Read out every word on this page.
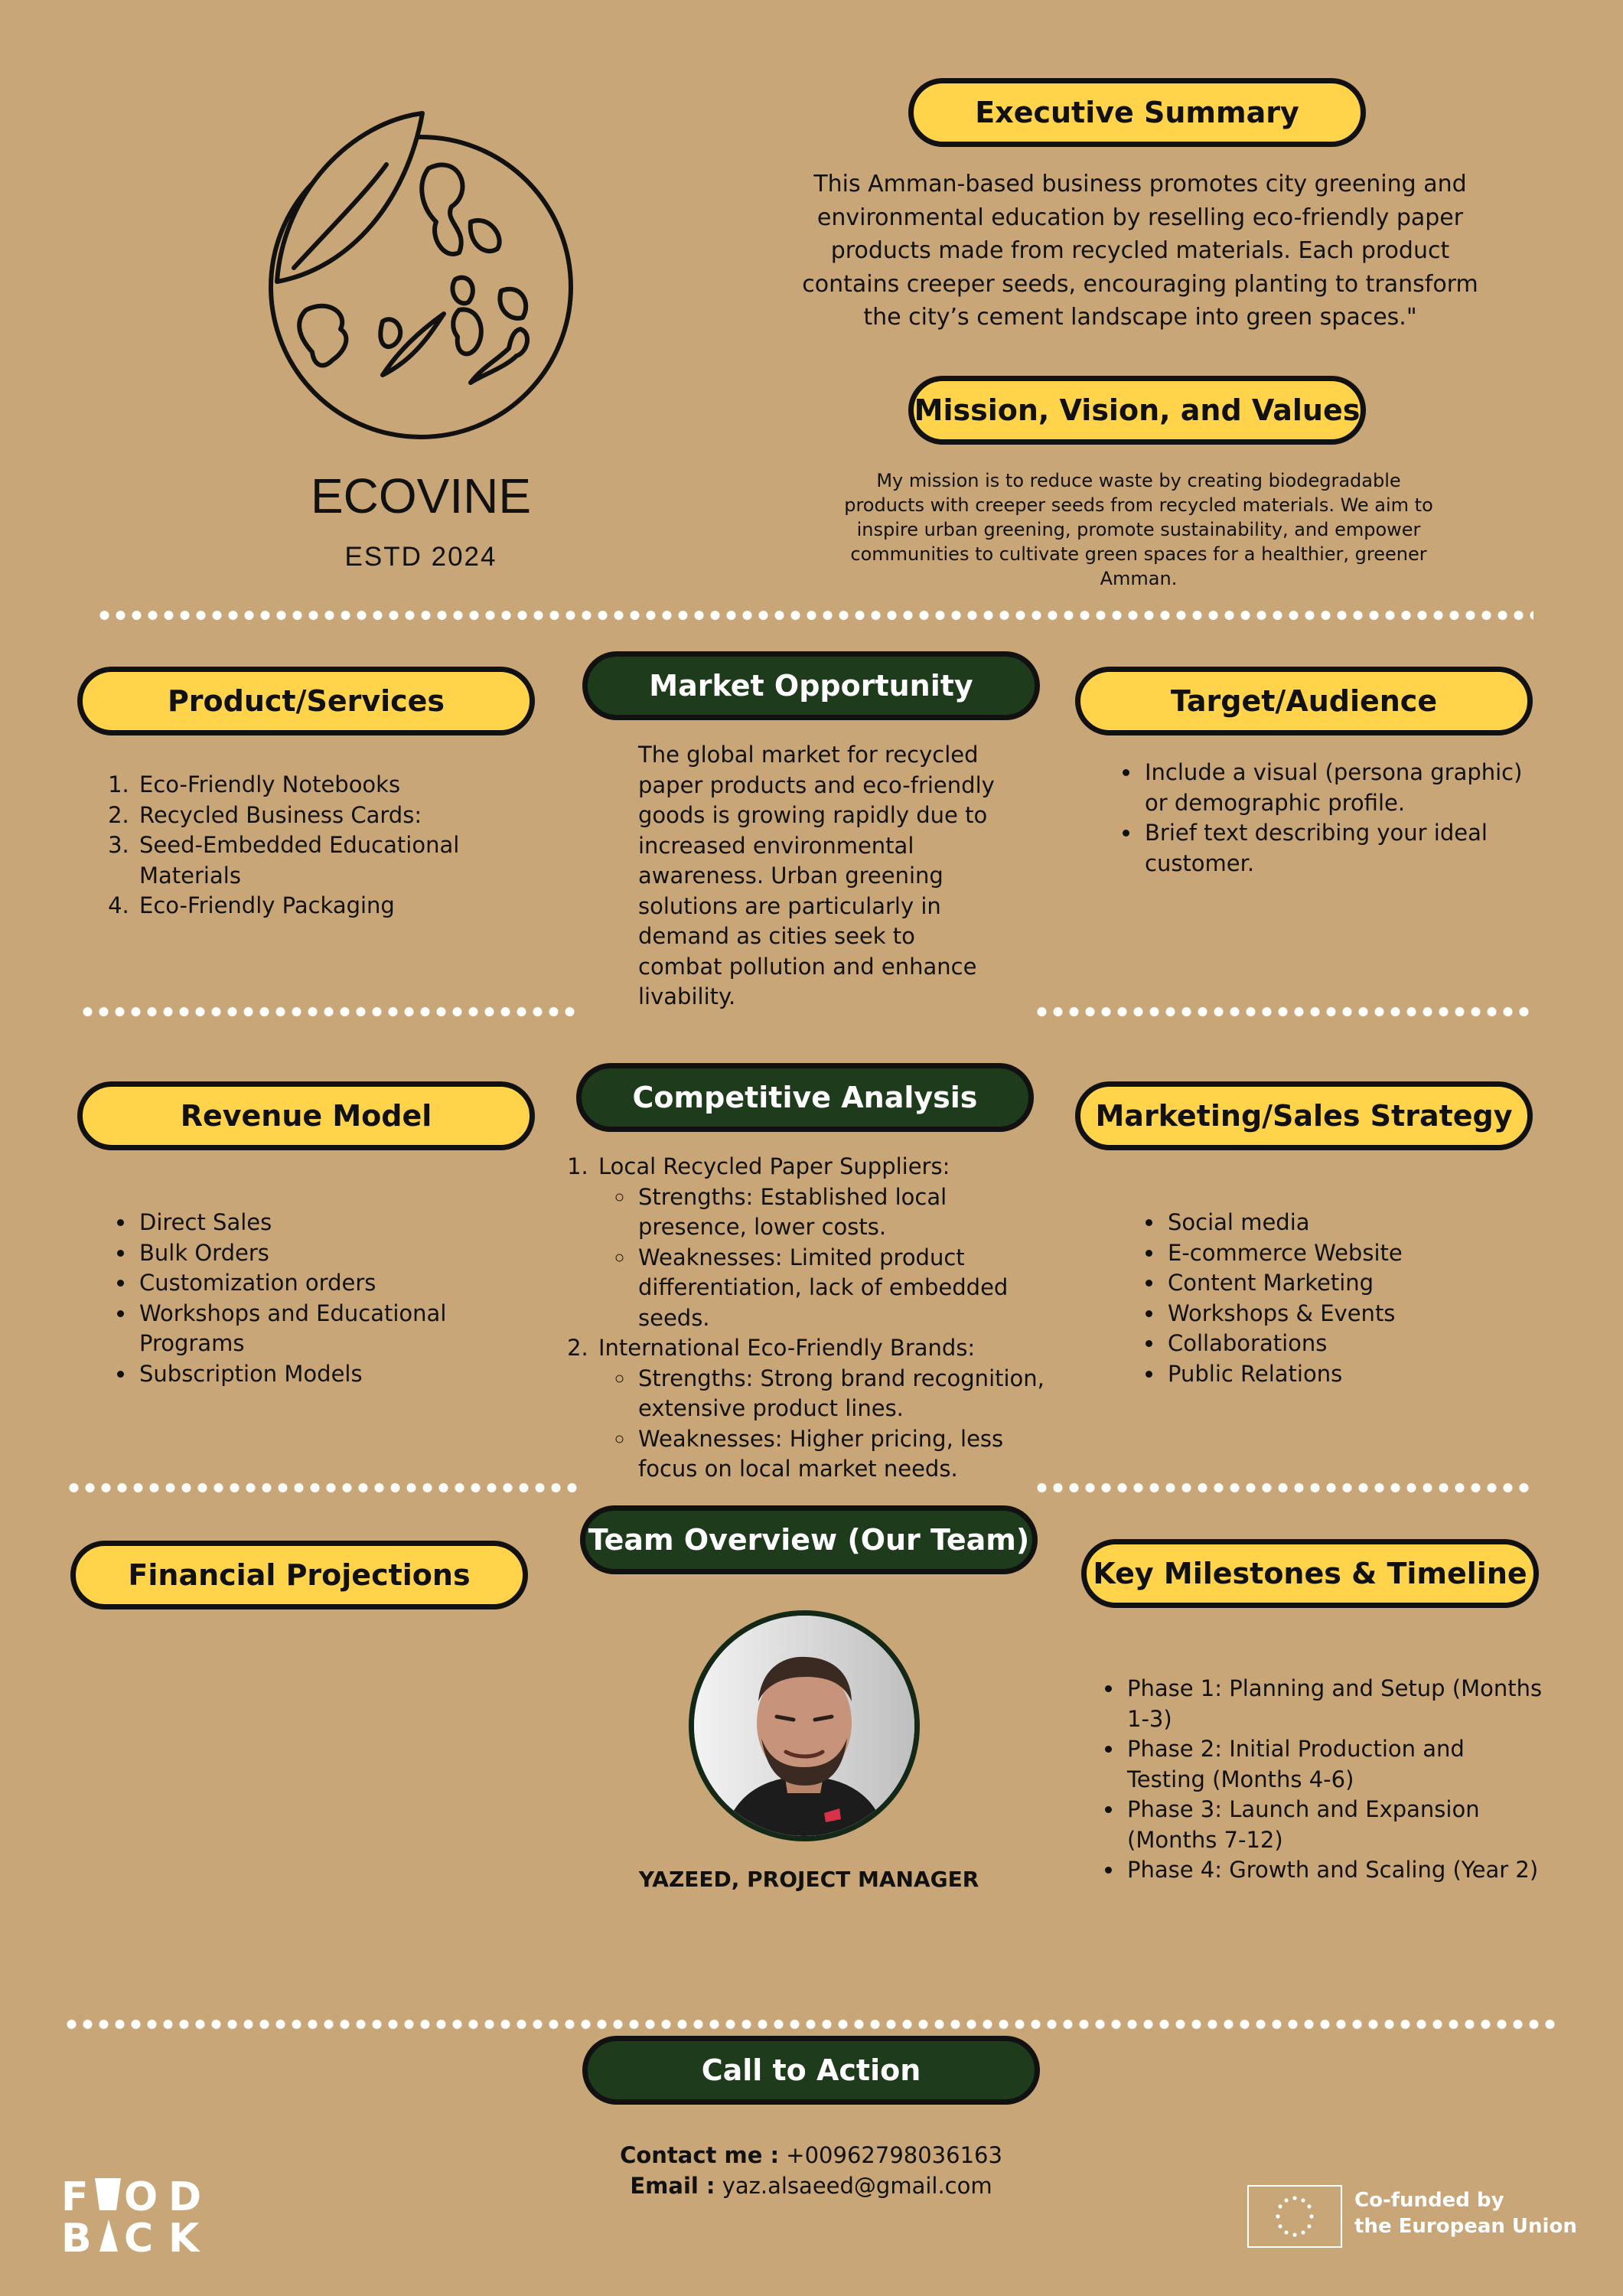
ECOVINE
ESTD 2024
Executive Summary
This Amman-based business promotes city greening and environmental education by reselling eco-friendly paper products made from recycled materials. Each product contains creeper seeds, encouraging planting to transform the city’s cement landscape into green spaces."
Mission, Vision, and Values
My mission is to reduce waste by creating biodegradable products with creeper seeds from recycled materials. We aim to inspire urban greening, promote sustainability, and empower communities to cultivate green spaces for a healthier, greener Amman.
Product/Services
1. Eco-Friendly Notebooks
2. Recycled Business Cards:
3. Seed-Embedded Educational Materials
4. Eco-Friendly Packaging
Market Opportunity
The global market for recycled paper products and eco-friendly goods is growing rapidly due to increased environmental awareness. Urban greening solutions are particularly in demand as cities seek to combat pollution and enhance livability.
Target/Audience
• Include a visual (persona graphic) or demographic profile.
• Brief text describing your ideal customer.
Revenue Model
• Direct Sales
• Bulk Orders
• Customization orders
• Workshops and Educational Programs
• Subscription Models
Competitive Analysis
1. Local Recycled Paper Suppliers:
◦ Strengths: Established local presence, lower costs.
◦ Weaknesses: Limited product differentiation, lack of embedded seeds.
2. International Eco-Friendly Brands:
◦ Strengths: Strong brand recognition, extensive product lines.
◦ Weaknesses: Higher pricing, less focus on local market needs.
Marketing/Sales Strategy
• Social media
• E-commerce Website
• Content Marketing
• Workshops & Events
• Collaborations
• Public Relations
Financial Projections
Team Overview (Our Team)
YAZEED, PROJECT MANAGER
Key Milestones & Timeline
• Phase 1: Planning and Setup (Months 1-3)
• Phase 2: Initial Production and Testing (Months 4-6)
• Phase 3: Launch and Expansion (Months 7-12)
• Phase 4: Growth and Scaling (Year 2)
Call to Action
Contact me : +00962798036163
Email : yaz.alsaeed@gmail.com
F O D
B C K
Co-funded by
the European Union
